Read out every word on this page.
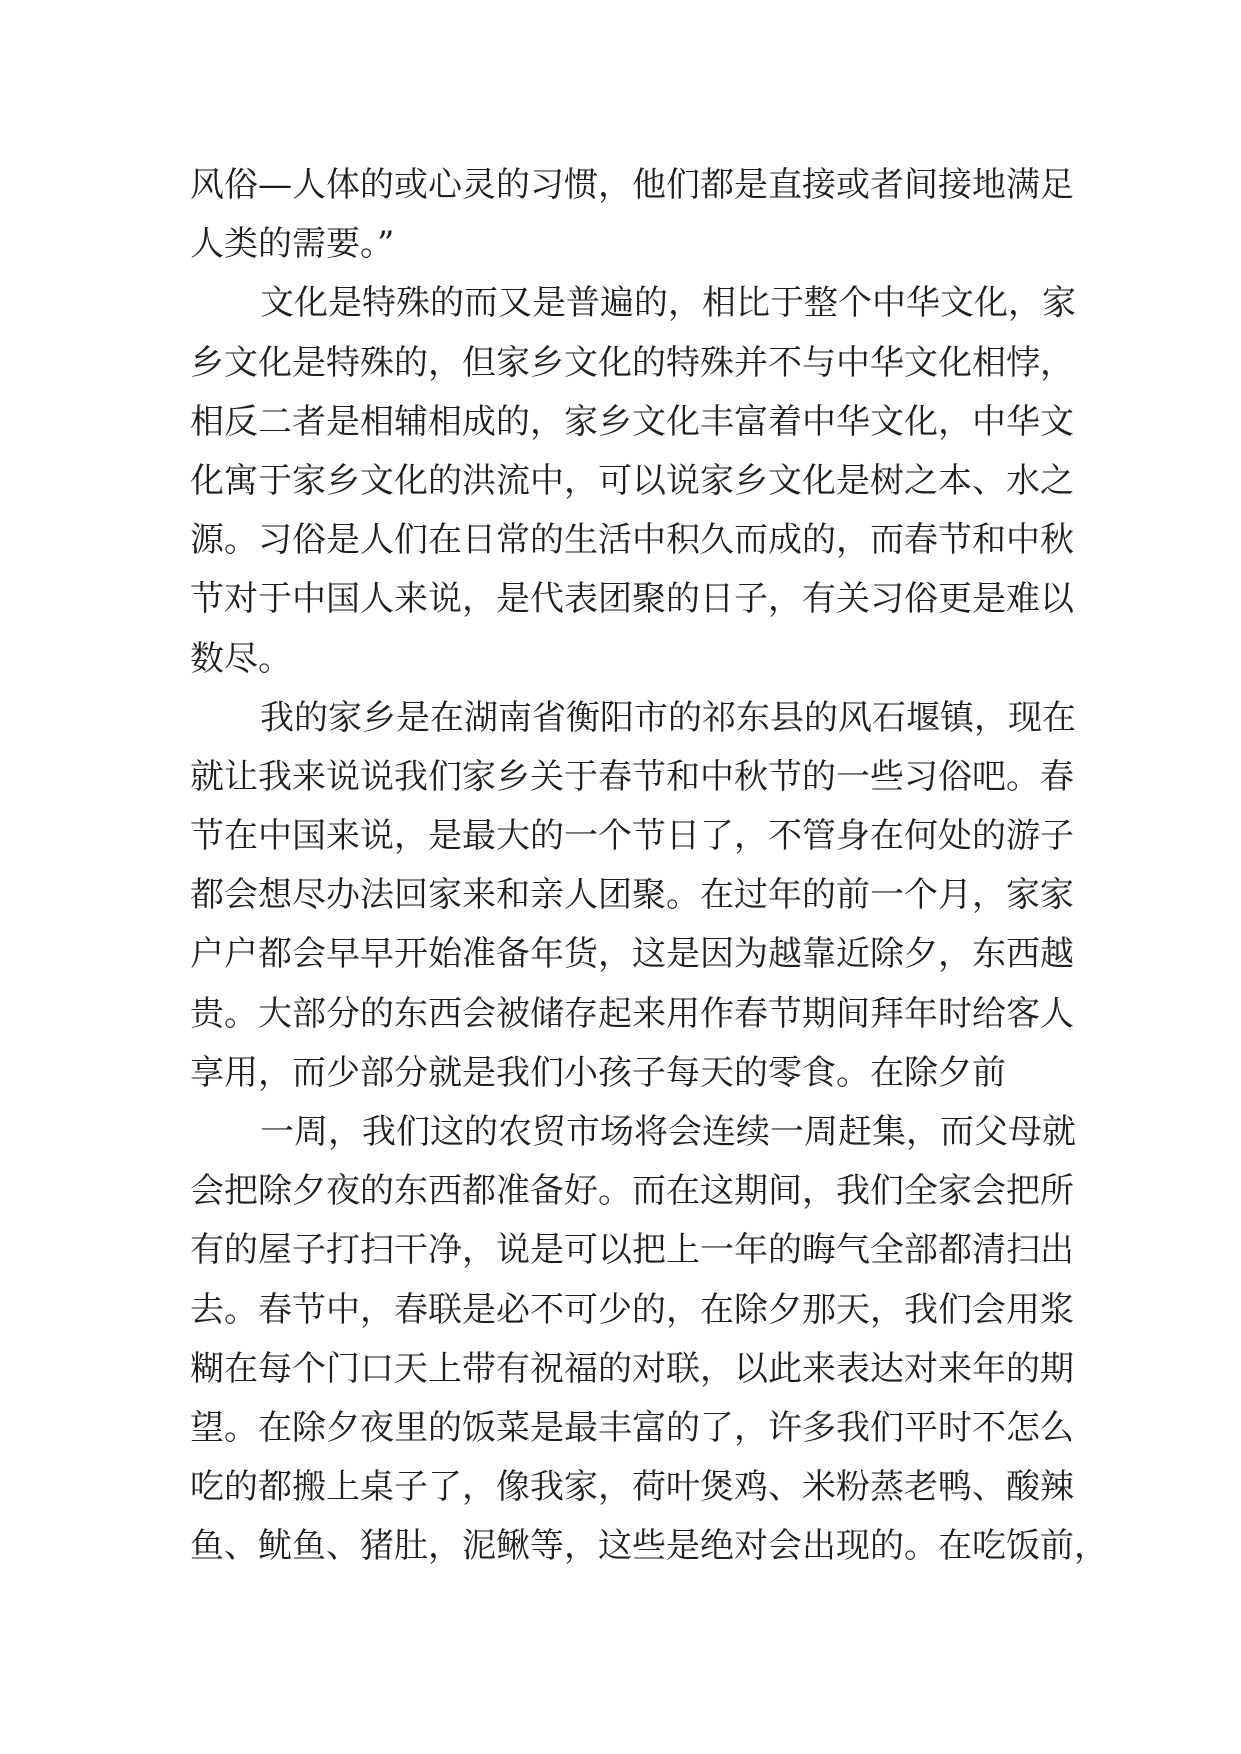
风俗—人体的或心灵的习惯，他们都是直接或者间接地满足
人类的需要。”
文化是特殊的而又是普遍的，相比于整个中华文化，家
乡文化是特殊的，但家乡文化的特殊并不与中华文化相悖，
相反二者是相辅相成的，家乡文化丰富着中华文化，中华文
化寓于家乡文化的洪流中，可以说家乡文化是树之本、水之
源。习俗是人们在日常的生活中积久而成的，而春节和中秋
节对于中国人来说，是代表团聚的日子，有关习俗更是难以
数尽。
我的家乡是在湖南省衡阳市的祁东县的风石堰镇，现在
就让我来说说我们家乡关于春节和中秋节的一些习俗吧。春
节在中国来说，是最大的一个节日了，不管身在何处的游子
都会想尽办法回家来和亲人团聚。在过年的前一个月，家家
户户都会早早开始准备年货，这是因为越靠近除夕，东西越
贵。大部分的东西会被储存起来用作春节期间拜年时给客人
享用，而少部分就是我们小孩子每天的零食。在除夕前
一周，我们这的农贸市场将会连续一周赶集，而父母就
会把除夕夜的东西都准备好。而在这期间，我们全家会把所
有的屋子打扫干净，说是可以把上一年的晦气全部都清扫出
去。春节中，春联是必不可少的，在除夕那天，我们会用浆
糊在每个门口天上带有祝福的对联，以此来表达对来年的期
望。在除夕夜里的饭菜是最丰富的了，许多我们平时不怎么
吃的都搬上桌子了，像我家，荷叶煲鸡、米粉蒸老鸭、酸辣
鱼、鱿鱼、猪肚，泥鳅等，这些是绝对会出现的。在吃饭前，
